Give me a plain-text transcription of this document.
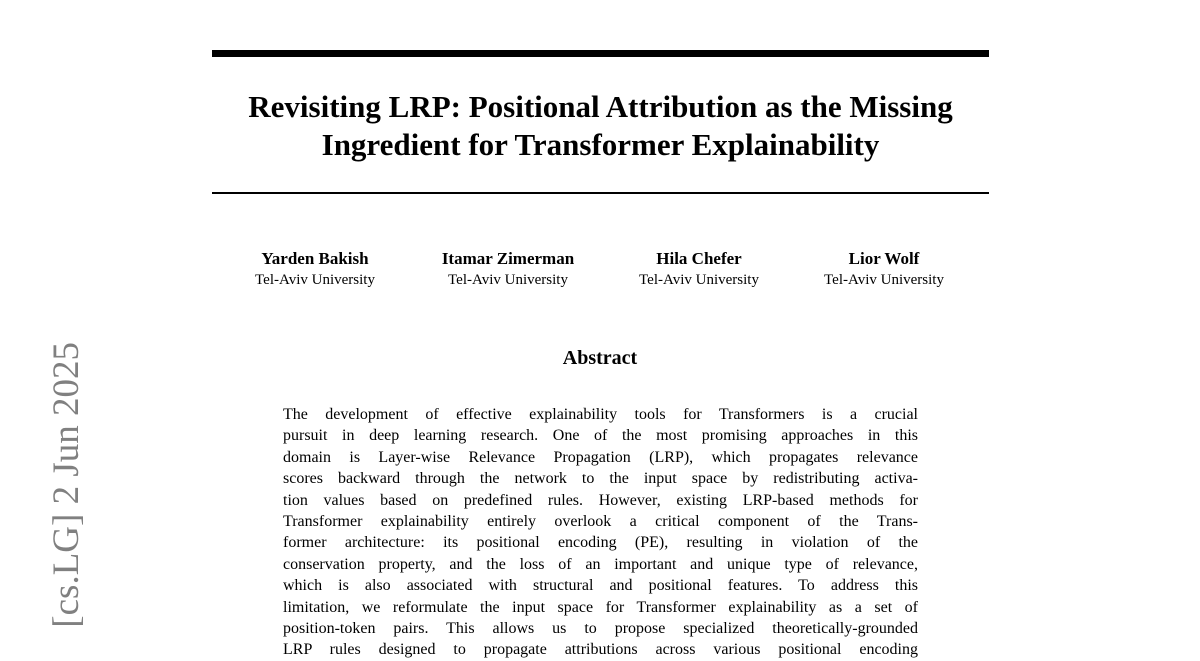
Revisiting LRP: Positional Attribution as the Missing
Ingredient for Transformer Explainability
Yarden Bakish
Tel-Aviv University
Itamar Zimerman
Tel-Aviv University
Hila Chefer
Tel-Aviv University
Lior Wolf
Tel-Aviv University
[cs.LG] 2 Jun 2025	Abstract
The development of effective explainability tools for Transformers is a crucial
pursuit in deep learning research. One of the most promising approaches in this
domain is Layer-wise Relevance Propagation (LRP), which propagates relevance
scores backward through the network to the input space by redistributing activa-
tion values based on predefined rules. However, existing LRP-based methods for
Transformer explainability entirely overlook a critical component of the Trans-
former architecture: its positional encoding (PE), resulting in violation of the
conservation property, and the loss of an important and unique type of relevance,
which is also associated with structural and positional features. To address this
limitation, we reformulate the input space for Transformer explainability as a set of
position-token pairs. This allows us to propose specialized theoretically-grounded
LRP rules designed to propagate attributions across various positional encoding
